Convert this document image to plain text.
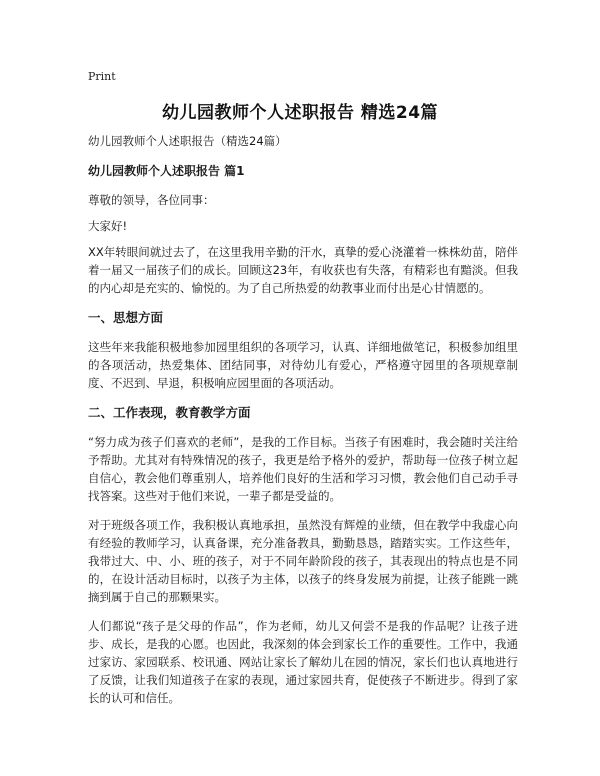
Print
幼儿园教师个人述职报告 精选24篇

幼儿园教师个人述职报告（精选24篇）

幼儿园教师个人述职报告 篇1

尊敬的领导，各位同事：

大家好!

XX年转眼间就过去了，在这里我用辛勤的汗水，真挚的爱心浇灌着一株株幼苗，陪伴着一届又一届孩子们的成长。回顾这23年，有收获也有失落，有精彩也有黯淡。但我的内心却是充实的、愉悦的。为了自己所热爱的幼教事业而付出是心甘情愿的。

一、思想方面

这些年来我能积极地参加园里组织的各项学习，认真、详细地做笔记，积极参加组里的各项活动，热爱集体、团结同事，对待幼儿有爱心，严格遵守园里的各项规章制度、不迟到、早退，积极响应园里面的各项活动。

二、工作表现，教育教学方面

“努力成为孩子们喜欢的老师”，是我的工作目标。当孩子有困难时，我会随时关注给予帮助。尤其对有特殊情况的孩子，我更是给予格外的爱护，帮助每一位孩子树立起自信心，教会他们尊重别人，培养他们良好的生活和学习习惯，教会他们自己动手寻找答案。这些对于他们来说，一辈子都是受益的。

对于班级各项工作，我积极认真地承担，虽然没有辉煌的业绩，但在教学中我虚心向有经验的教师学习，认真备课，充分准备教具，勤勤恳恳，踏踏实实。工作这些年，我带过大、中、小、班的孩子，对于不同年龄阶段的孩子，其表现出的特点也是不同的，在设计活动目标时，以孩子为主体，以孩子的终身发展为前提，让孩子能跳一跳摘到属于自己的那颗果实。

人们都说“孩子是父母的作品”，作为老师，幼儿又何尝不是我的作品呢？让孩子进步、成长，是我的心愿。也因此，我深刻的体会到家长工作的重要性。工作中，我通过家访、家园联系、校讯通、网站让家长了解幼儿在园的情况，家长们也认真地进行了反馈，让我们知道孩子在家的表现，通过家园共育，促使孩子不断进步。得到了家长的认可和信任。
